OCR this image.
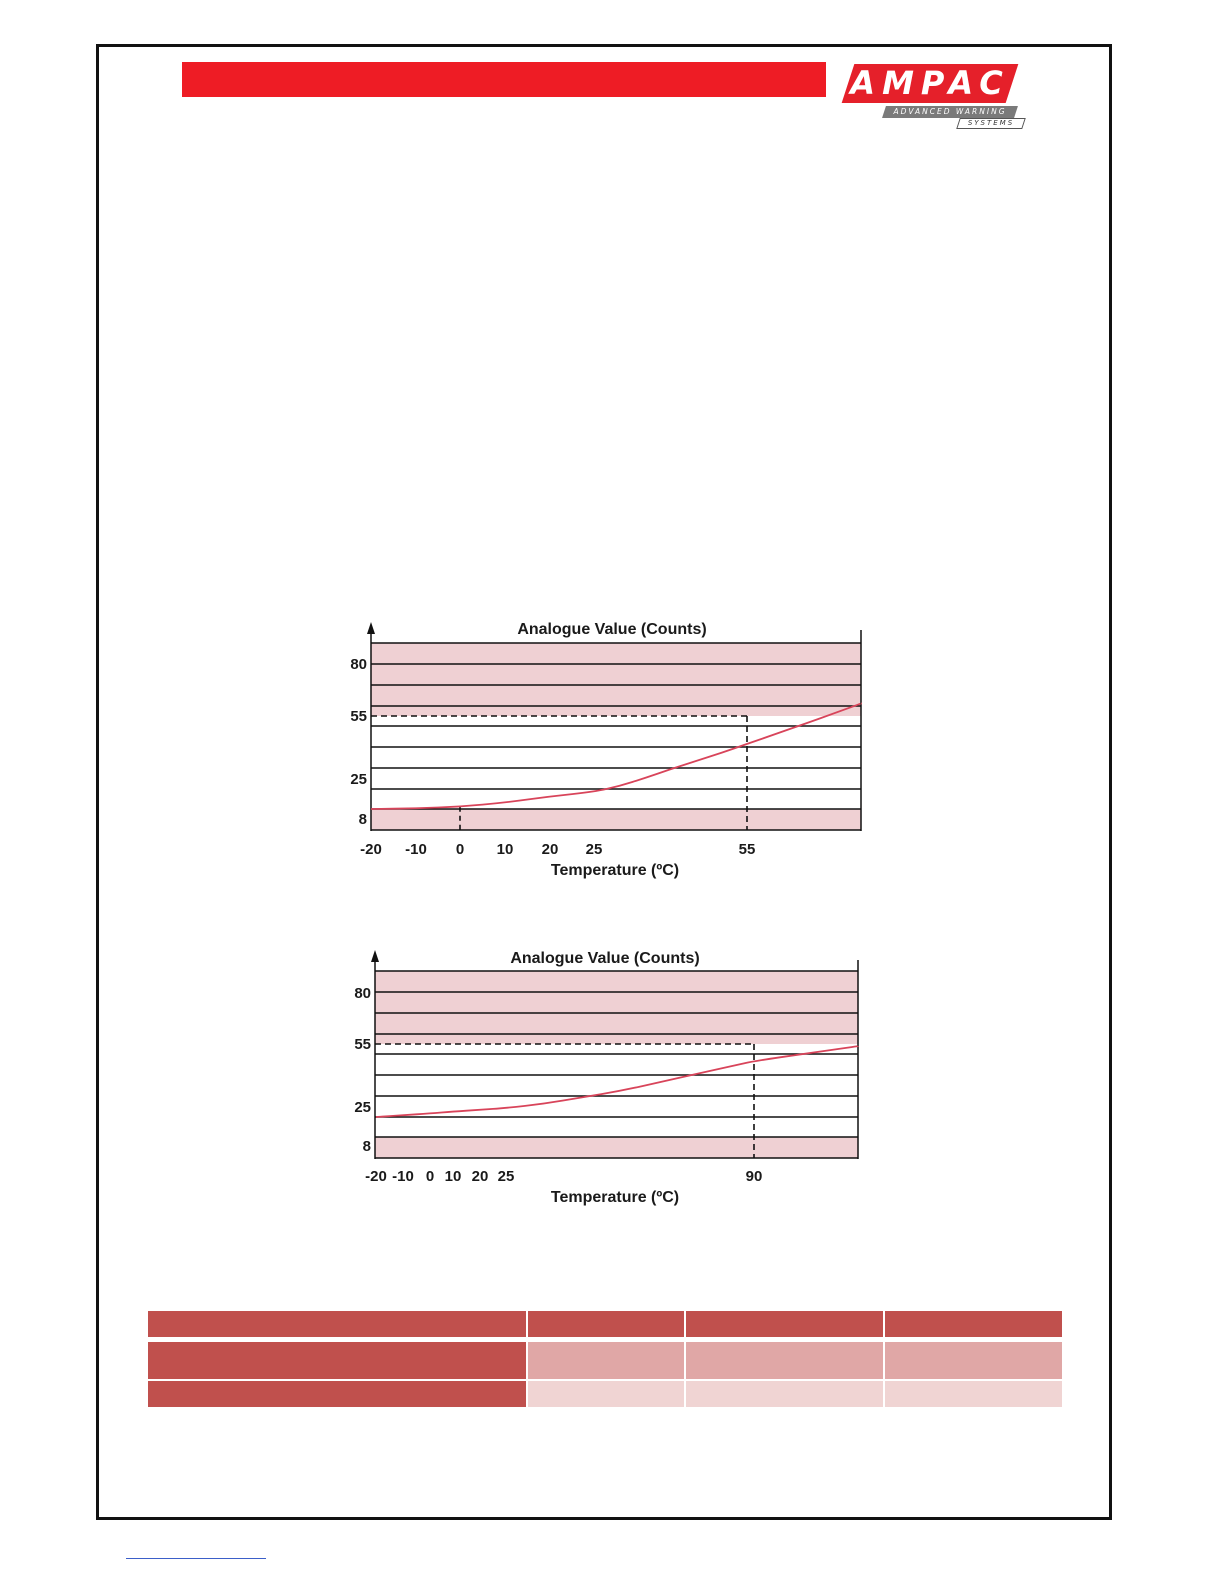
AMPAC
ADVANCED WARNING
SYSTEMS
Analogue Value (Counts)
80
55
25
8
-20 -10 0 10 20 25	55
Temperature (ºC)
Analogue Value (Counts)
80
55
25
8
-20 -10 0 10 20 25	90
Temperature (ºC)
